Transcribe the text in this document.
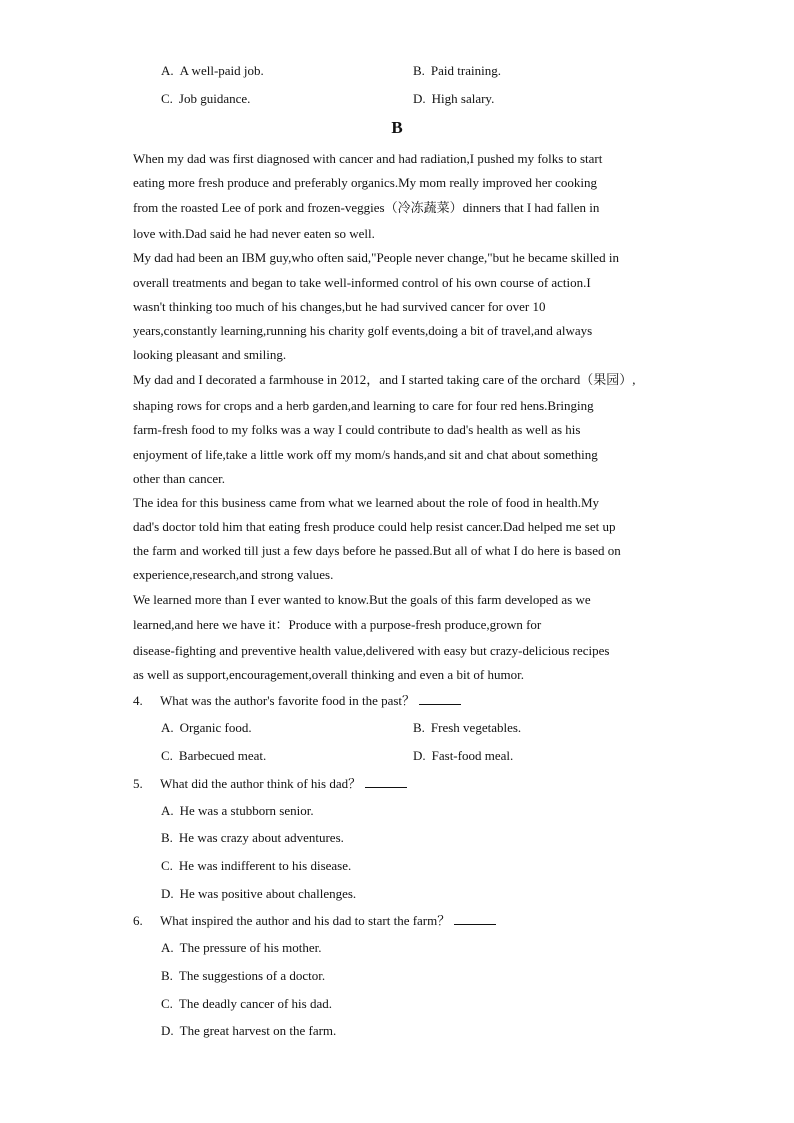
A. A well-paid job.	B. Paid training.
C. Job guidance.	D. High salary.
B
When my dad was first diagnosed with cancer and had radiation,I pushed my folks to start
eating more fresh produce and preferably organics.My mom really improved her cooking
from the roasted Lee of pork and frozen-veggies（冷冻蔬菜）dinners that I had fallen in
love with.Dad said he had never eaten so well.
My dad had been an IBM guy,who often said,"People never change,"but he became skilled in
overall treatments and began to take well-informed control of his own course of action.I
wasn't thinking too much of his changes,but he had survived cancer for over 10
years,constantly learning,running his charity golf events,doing a bit of travel,and always
looking pleasant and smiling.
My dad and I decorated a farmhouse in 2012，and I started taking care of the orchard（果园）,
shaping rows for crops and a herb garden,and learning to care for four red hens.Bringing
farm-fresh food to my folks was a way I could contribute to dad's health as well as his
enjoyment of life,take a little work off my mom/s hands,and sit and chat about something
other than cancer.
The idea for this business came from what we learned about the role of food in health.My
dad's doctor told him that eating fresh produce could help resist cancer.Dad helped me set up
the farm and worked till just a few days before he passed.But all of what I do here is based on
experience,research,and strong values.
We learned more than I ever wanted to know.But the goals of this farm developed as we
learned,and here we have it：Produce with a purpose-fresh produce,grown for
disease-fighting and preventive health value,delivered with easy but crazy-delicious recipes
as well as support,encouragement,overall thinking and even a bit of humor.
4. What was the author's favorite food in the past？
A. Organic food.	B. Fresh vegetables.
C. Barbecued meat.	D. Fast-food meal.
5. What did the author think of his dad？
A. He was a stubborn senior.
B. He was crazy about adventures.
C. He was indifferent to his disease.
D. He was positive about challenges.
6. What inspired the author and his dad to start the farm？
A. The pressure of his mother.
B. The suggestions of a doctor.
C. The deadly cancer of his dad.
D. The great harvest on the farm.
